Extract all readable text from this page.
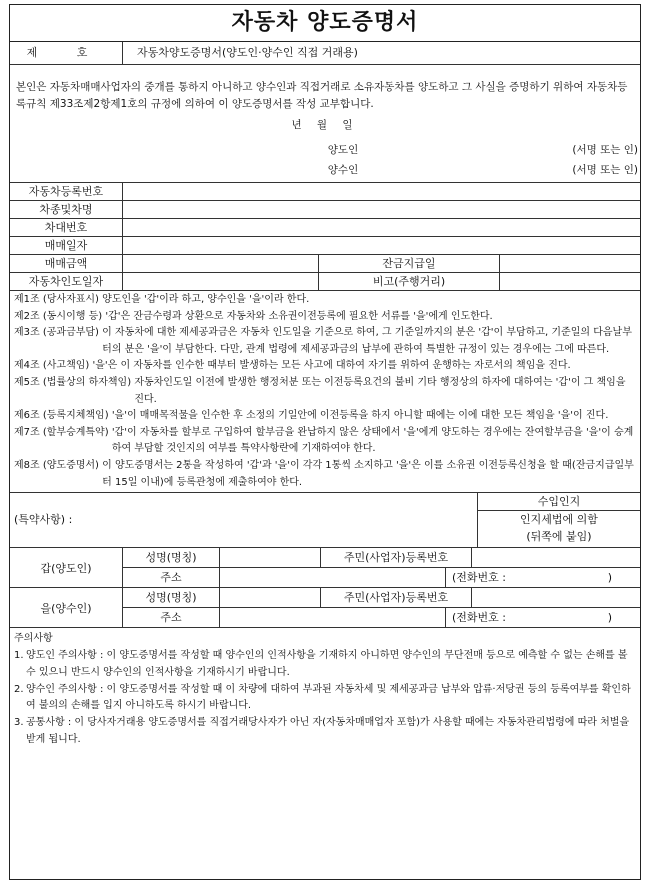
자동차 양도증명서
제 호	자동차양도증명서(양도인·양수인 직접 거래용)
본인은 자동차매매사업자의 중개를 통하지 아니하고 양수인과 직접거래로 소유자동차를 양도하고 그 사실을 증명하기 위하여 자동차등록규칙 제33조제2항제1호의 규정에 의하여 이 양도증명서를 작성 교부합니다.
년 월 일
양도인	(서명 또는 인)
양수인	(서명 또는 인)
자동차등록번호
차종및차명
차대번호
매매일자
매매금액	잔금지급일
자동차인도일자	비고(주행거리)
제1조 (당사자표시)
양도인을 '갑'이라 하고, 양수인을 '을'이라 한다.
제2조 (동시이행 등)
'갑'은 잔금수령과 상환으로 자동차와 소유권이전등록에 필요한 서류를 '을'에게 인도한다.
제3조 (공과금부담)
이 자동차에 대한 제세공과금은 자동차 인도일을 기준으로 하여, 그 기준일까지의 분은 '갑'이 부담하고, 기준일의 다음날부터의 분은 '을'이 부담한다. 다만, 관계 법령에 제세공과금의 납부에 관하여 특별한 규정이 있는 경우에는 그에 따른다.
제4조 (사고책임)
'을'은 이 자동차를 인수한 때부터 발생하는 모든 사고에 대하여 자기를 위하여 운행하는 자로서의 책임을 진다.
제5조 (법률상의 하자책임)
자동차인도일 이전에 발생한 행정처분 또는 이전등록요건의 불비 기타 행정상의 하자에 대하여는 '갑'이 그 책임을 진다.
제6조 (등록지체책임)
'을'이 매매목적물을 인수한 후 소정의 기일안에 이전등록을 하지 아니할 때에는 이에 대한 모든 책임을 '을'이 진다.
제7조 (할부승계특약)
'갑'이 자동차를 할부로 구입하여 할부금을 완납하지 않은 상태에서 '을'에게 양도하는 경우에는 잔여할부금을 '을'이 승계하여 부담할 것인지의 여부를 특약사항란에 기재하여야 한다.
제8조 (양도증명서)
이 양도증명서는 2통을 작성하여 '갑'과 '을'이 각각 1통씩 소지하고 '을'은 이를 소유권 이전등록신청을 할 때(잔금지급일부터 15일 이내)에 등록관청에 제출하여야 한다.
(특약사항) :
수입인지
인지세법에 의함
(뒤쪽에 붙임)
갑(양도인)
성명(명칭)	주민(사업자)등록번호
주소	(전화번호 :	)
을(양수인)
성명(명칭)	주민(사업자)등록번호
주소	(전화번호 :	)
주의사항
1. 양도인 주의사항 : 이 양도증명서를 작성할 때 양수인의 인적사항을 기재하지 아니하면 양수인의 무단전매 등으로 예측할 수 없는 손해를 볼 수 있으니 반드시 양수인의 인적사항을 기재하시기 바랍니다.
2. 양수인 주의사항 : 이 양도증명서를 작성할 때 이 차량에 대하여 부과된 자동차세 및 제세공과금 납부와 압류·저당권 등의 등록여부를 확인하여 불의의 손해를 입지 아니하도록 하시기 바랍니다.
3. 공통사항 : 이 당사자거래용 양도증명서를 직접거래당사자가 아닌 자(자동차매매업자 포함)가 사용할 때에는 자동차관리법령에 따라 처벌을 받게 됩니다.
